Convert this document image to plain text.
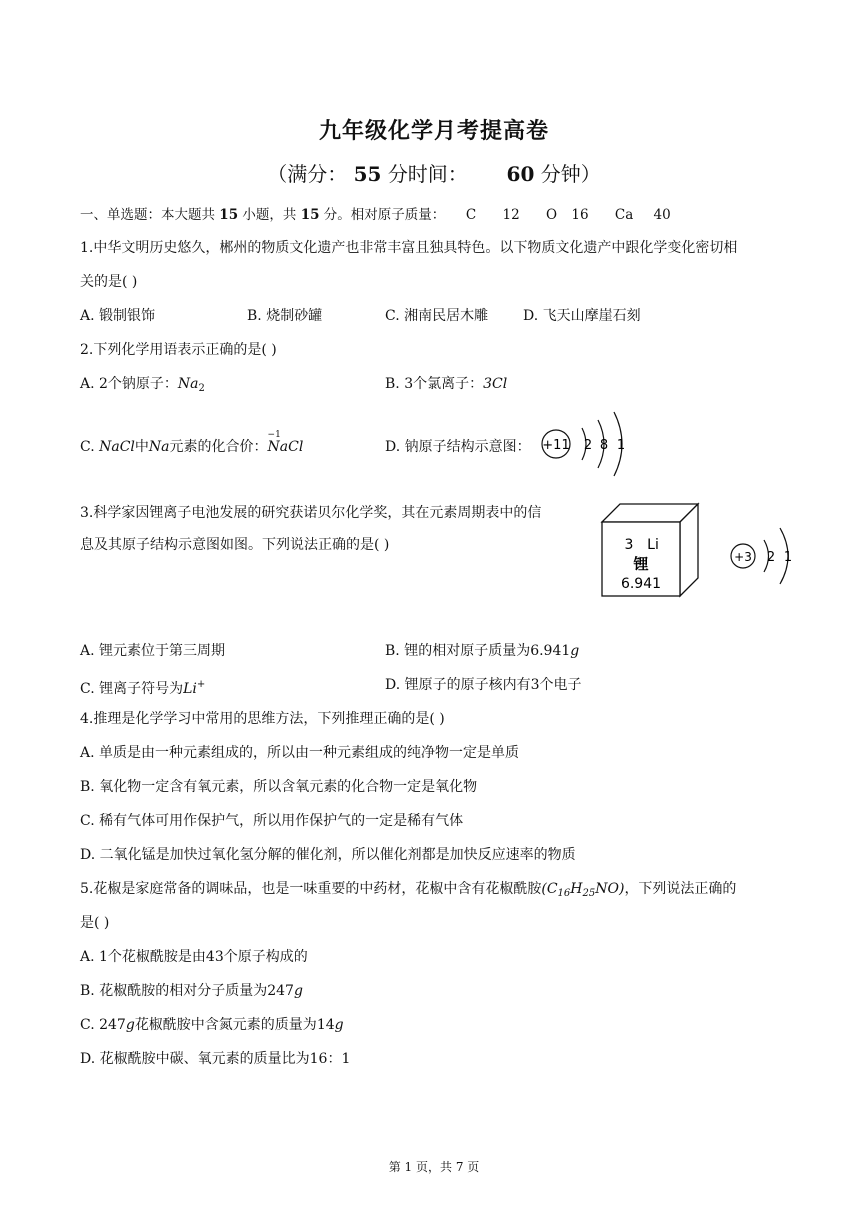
九年级化学月考提高卷
（满分： 55 分时间： 60 分钟）
一、单选题：本大题共 15 小题，共 15 分。相对原子质量： C 12 O 16 Ca 40
1.中华文明历史悠久，郴州的物质文化遗产也非常丰富且独具特色。以下物质文化遗产中跟化学变化密切相
关的是( )
A. 锻制银饰	B. 烧制砂罐	C. 湘南民居木雕 D. 飞天山摩崖石刻
2.下列化学用语表示正确的是( )
A. 2个钠原子：$Na_2$	B. 3个氯离子：3Cl
C. NaCl中Na元素的化合价：
−1
NaCl	D. 钠原子结构示意图： +11 2 8 1
3.科学家因锂离子电池发展的研究获诺贝尔化学奖，其在元素周期表中的信
息及其原子结构示意图如图。下列说法正确的是( )	3 Li
锂
6.941
+3 2 1
A. 锂元素位于第三周期	B. 锂的相对原子质量为6.941g
C. 锂离子符号为Li+	D. 锂原子的原子核内有3个电子
4.推理是化学学习中常用的思维方法，下列推理正确的是( )
A. 单质是由一种元素组成的，所以由一种元素组成的纯净物一定是单质
B. 氧化物一定含有氧元素，所以含氧元素的化合物一定是氧化物
C. 稀有气体可用作保护气，所以用作保护气的一定是稀有气体
D. 二氧化锰是加快过氧化氢分解的催化剂，所以催化剂都是加快反应速率的物质
5.花椒是家庭常备的调味品，也是一味重要的中药材，花椒中含有花椒酰胺$(C_{16}H_{25}NO)$，下列说法正确的
是( )
A. 1个花椒酰胺是由43个原子构成的
B. 花椒酰胺的相对分子质量为247g
C. 247g花椒酰胺中含氮元素的质量为14g
D. 花椒酰胺中碳、氧元素的质量比为16：1
第 1 页，共 7 页
